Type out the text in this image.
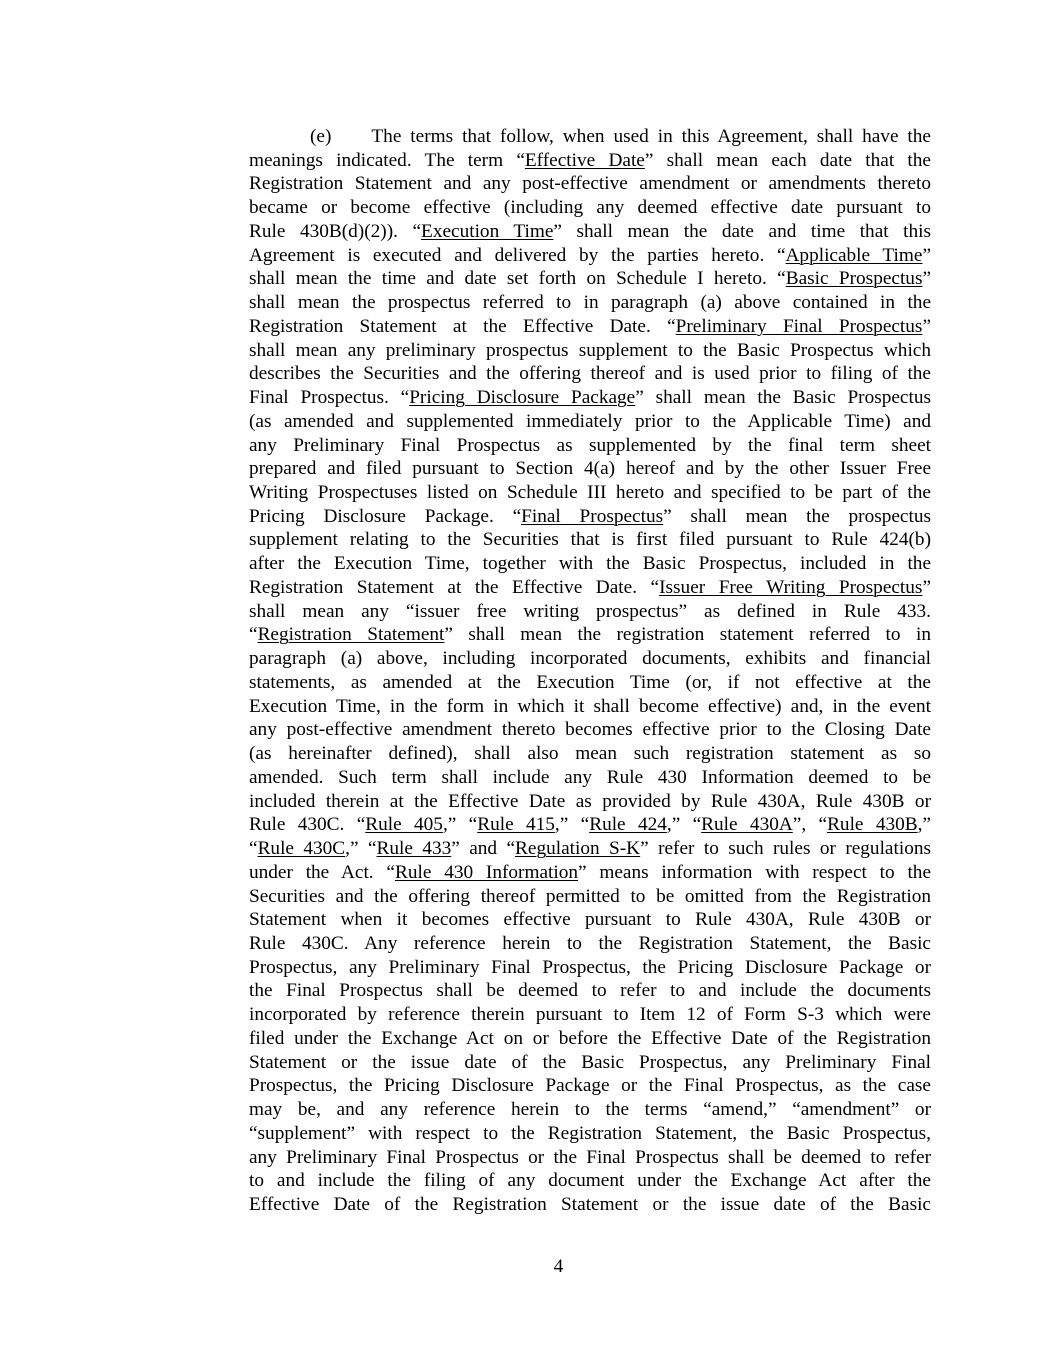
(e) The terms that follow, when used in this Agreement, shall have the
meanings indicated. The term “Effective Date” shall mean each date that the
Registration Statement and any post-effective amendment or amendments thereto
became or become effective (including any deemed effective date pursuant to
Rule 430B(d)(2)). “Execution Time” shall mean the date and time that this
Agreement is executed and delivered by the parties hereto. “Applicable Time”
shall mean the time and date set forth on Schedule I hereto. “Basic Prospectus”
shall mean the prospectus referred to in paragraph (a) above contained in the
Registration Statement at the Effective Date. “Preliminary Final Prospectus”
shall mean any preliminary prospectus supplement to the Basic Prospectus which
describes the Securities and the offering thereof and is used prior to filing of the
Final Prospectus. “Pricing Disclosure Package” shall mean the Basic Prospectus
(as amended and supplemented immediately prior to the Applicable Time) and
any Preliminary Final Prospectus as supplemented by the final term sheet
prepared and filed pursuant to Section 4(a) hereof and by the other Issuer Free
Writing Prospectuses listed on Schedule III hereto and specified to be part of the
Pricing Disclosure Package. “Final Prospectus” shall mean the prospectus
supplement relating to the Securities that is first filed pursuant to Rule 424(b)
after the Execution Time, together with the Basic Prospectus, included in the
Registration Statement at the Effective Date. “Issuer Free Writing Prospectus”
shall mean any “issuer free writing prospectus” as defined in Rule 433.
“Registration Statement” shall mean the registration statement referred to in
paragraph (a) above, including incorporated documents, exhibits and financial
statements, as amended at the Execution Time (or, if not effective at the
Execution Time, in the form in which it shall become effective) and, in the event
any post-effective amendment thereto becomes effective prior to the Closing Date
(as hereinafter defined), shall also mean such registration statement as so
amended. Such term shall include any Rule 430 Information deemed to be
included therein at the Effective Date as provided by Rule 430A, Rule 430B or
Rule 430C. “Rule 405,” “Rule 415,” “Rule 424,” “Rule 430A”, “Rule 430B,”
“Rule 430C,” “Rule 433” and “Regulation S-K” refer to such rules or regulations
under the Act. “Rule 430 Information” means information with respect to the
Securities and the offering thereof permitted to be omitted from the Registration
Statement when it becomes effective pursuant to Rule 430A, Rule 430B or
Rule 430C. Any reference herein to the Registration Statement, the Basic
Prospectus, any Preliminary Final Prospectus, the Pricing Disclosure Package or
the Final Prospectus shall be deemed to refer to and include the documents
incorporated by reference therein pursuant to Item 12 of Form S-3 which were
filed under the Exchange Act on or before the Effective Date of the Registration
Statement or the issue date of the Basic Prospectus, any Preliminary Final
Prospectus, the Pricing Disclosure Package or the Final Prospectus, as the case
may be, and any reference herein to the terms “amend,” “amendment” or
“supplement” with respect to the Registration Statement, the Basic Prospectus,
any Preliminary Final Prospectus or the Final Prospectus shall be deemed to refer
to and include the filing of any document under the Exchange Act after the
Effective Date of the Registration Statement or the issue date of the Basic
4
